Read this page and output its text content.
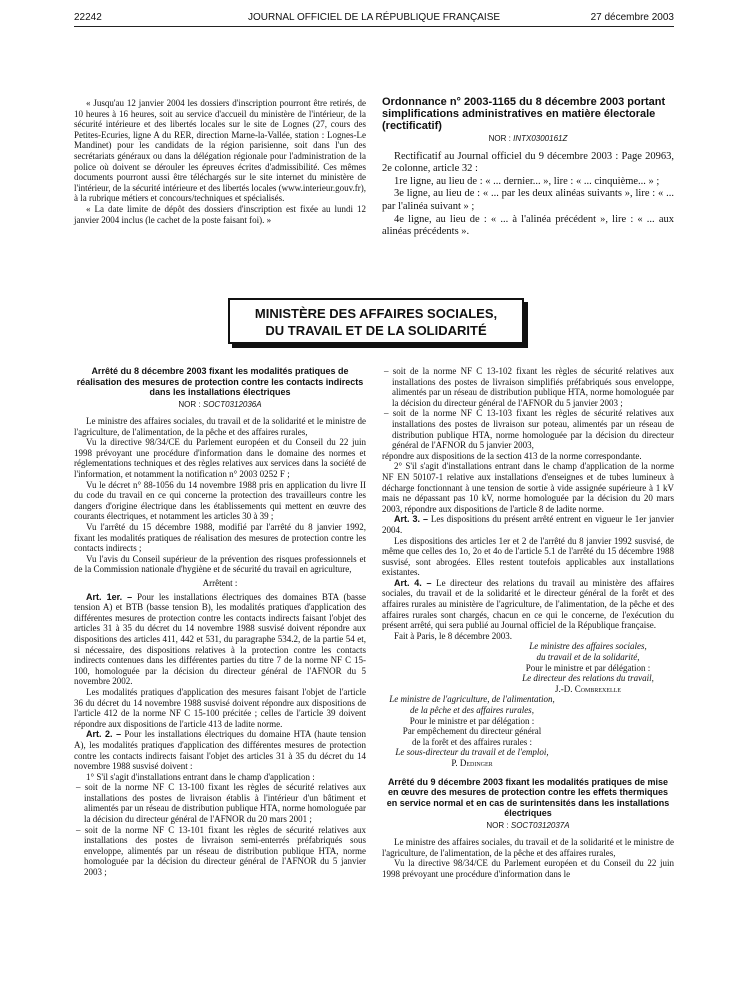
22242	JOURNAL OFFICIEL DE LA RÉPUBLIQUE FRANÇAISE	27 décembre 2003

« Jusqu'au 12 janvier 2004 les dossiers d'inscription pourront être retirés, de 10 heures à 16 heures, soit au service d'accueil du ministère de l'intérieur, de la sécurité intérieure et des libertés locales sur le site de Lognes (27, cours des Petites-Ecuries, ligne A du RER, direction Marne-la-Vallée, station : Lognes-Le Mandinet) pour les candidats de la région parisienne, soit dans l'un des secrétariats généraux ou dans la délégation régionale pour l'administration de la police où doivent se dérouler les épreuves écrites d'admissibilité. Ces mêmes documents pourront aussi être téléchargés sur le site internet du ministère de l'intérieur, de la sécurité intérieure et des libertés locales (www.interieur.gouv.fr), à la rubrique métiers et concours/techniques et spécialisés.

« La date limite de dépôt des dossiers d'inscription est fixée au lundi 12 janvier 2004 inclus (le cachet de la poste faisant foi). »

Ordonnance n° 2003-1165 du 8 décembre 2003 portant simplifications administratives en matière électorale (rectificatif)
NOR : INTX0300161Z

Rectificatif au Journal officiel du 9 décembre 2003 : Page 20963, 2e colonne, article 32 :

1re ligne, au lieu de : « ... dernier... », lire : « ... cinquième... » ;

3e ligne, au lieu de : « ... par les deux alinéas suivants », lire : « ... par l'alinéa suivant » ;

4e ligne, au lieu de : « ... à l'alinéa précédent », lire : « ... aux alinéas précédents ».

MINISTÈRE DES AFFAIRES SOCIALES,
DU TRAVAIL ET DE LA SOLIDARITÉ
Arrêté du 8 décembre 2003 fixant les modalités pratiques de réalisation des mesures de protection contre les contacts indirects dans les installations électriques
NOR : SOCT0312036A

Le ministre des affaires sociales, du travail et de la solidarité et le ministre de l'agriculture, de l'alimentation, de la pêche et des affaires rurales,

Vu la directive 98/34/CE du Parlement européen et du Conseil du 22 juin 1998 prévoyant une procédure d'information dans le domaine des normes et réglementations techniques et des règles relatives aux services dans la société de l'information, et notamment la notification n° 2003 0252 F ;

Vu le décret n° 88-1056 du 14 novembre 1988 pris en application du livre II du code du travail en ce qui concerne la protection des travailleurs contre les dangers d'origine électrique dans les établissements qui mettent en œuvre des courants électriques, et notamment les articles 30 à 39 ;

Vu l'arrêté du 15 décembre 1988, modifié par l'arrêté du 8 janvier 1992, fixant les modalités pratiques de réalisation des mesures de protection contre les contacts indirects ;

Vu l'avis du Conseil supérieur de la prévention des risques professionnels et de la Commission nationale d'hygiène et de sécurité du travail en agriculture,

Arrêtent :

Art. 1er. – Pour les installations électriques des domaines BTA (basse tension A) et BTB (basse tension B), les modalités pratiques d'application des différentes mesures de protection contre les contacts indirects faisant l'objet des articles 31 à 35 du décret du 14 novembre 1988 susvisé doivent répondre aux dispositions des articles 411, 442 et 531, du paragraphe 534.2, de la partie 54 et, si nécessaire, des dispositions relatives à la protection contre les contacts indirects contenues dans les différentes parties du titre 7 de la norme NF C 15-100, homologuée par la décision du directeur général de l'AFNOR du 5 novembre 2002.

Les modalités pratiques d'application des mesures faisant l'objet de l'article 36 du décret du 14 novembre 1988 susvisé doivent répondre aux dispositions de l'article 412 de la norme NF C 15-100 précitée ; celles de l'article 39 doivent répondre aux dispositions de l'article 413 de ladite norme.

Art. 2. – Pour les installations électriques du domaine HTA (haute tension A), les modalités pratiques d'application des différentes mesures de protection contre les contacts indirects faisant l'objet des articles 31 à 35 du décret du 14 novembre 1988 susvisé doivent :

1° S'il s'agit d'installations entrant dans le champ d'application :

– soit de la norme NF C 13-100 fixant les règles de sécurité relatives aux installations des postes de livraison établis à l'intérieur d'un bâtiment et alimentés par un réseau de distribution publique HTA, norme homologuée par la décision du directeur général de l'AFNOR du 20 mars 2001 ;
– soit de la norme NF C 13-101 fixant les règles de sécurité relatives aux installations des postes de livraison semi-enterrés préfabriqués sous enveloppe, alimentés par un réseau de distribution publique HTA, norme homologuée par la décision du directeur général de l'AFNOR du 5 janvier 2003 ;
– soit de la norme NF C 13-102 fixant les règles de sécurité relatives aux installations des postes de livraison simplifiés préfabriqués sous enveloppe, alimentés par un réseau de distribution publique HTA, norme homologuée par la décision du directeur général de l'AFNOR du 5 janvier 2003 ;
– soit de la norme NF C 13-103 fixant les règles de sécurité relatives aux installations des postes de livraison sur poteau, alimentés par un réseau de distribution publique HTA, norme homologuée par la décision du directeur général de l'AFNOR du 5 janvier 2003,

répondre aux dispositions de la section 413 de la norme correspondante.

2° S'il s'agit d'installations entrant dans le champ d'application de la norme NF EN 50107-1 relative aux installations d'enseignes et de tubes lumineux à décharge fonctionnant à une tension de sortie à vide assignée supérieure à 1 kV mais ne dépassant pas 10 kV, norme homologuée par la décision du 20 mars 2003, répondre aux dispositions de l'article 8 de ladite norme.

Art. 3. – Les dispositions du présent arrêté entrent en vigueur le 1er janvier 2004.

Les dispositions des articles 1er et 2 de l'arrêté du 8 janvier 1992 susvisé, de même que celles des 1o, 2o et 4o de l'article 5.1 de l'arrêté du 15 décembre 1988 susvisé, sont abrogées. Elles restent toutefois applicables aux installations existantes.

Art. 4. – Le directeur des relations du travail au ministère des affaires sociales, du travail et de la solidarité et le directeur général de la forêt et des affaires rurales au ministère de l'agriculture, de l'alimentation, de la pêche et des affaires rurales sont chargés, chacun en ce qui le concerne, de l'exécution du présent arrêté, qui sera publié au Journal officiel de la République française.

Fait à Paris, le 8 décembre 2003.

Le ministre des affaires sociales,
du travail et de la solidarité,
Pour le ministre et par délégation :
Le directeur des relations du travail,
J.-D. Combrexelle
Le ministre de l'agriculture, de l'alimentation,
de la pêche et des affaires rurales,
Pour le ministre et par délégation :
Par empêchement du directeur général
de la forêt et des affaires rurales :
Le sous-directeur du travail et de l'emploi,
P. Dedinger
Arrêté du 9 décembre 2003 fixant les modalités pratiques de mise en œuvre des mesures de protection contre les effets thermiques en service normal et en cas de surintensités dans les installations électriques
NOR : SOCT0312037A

Le ministre des affaires sociales, du travail et de la solidarité et le ministre de l'agriculture, de l'alimentation, de la pêche et des affaires rurales,

Vu la directive 98/34/CE du Parlement européen et du Conseil du 22 juin 1998 prévoyant une procédure d'information dans le
